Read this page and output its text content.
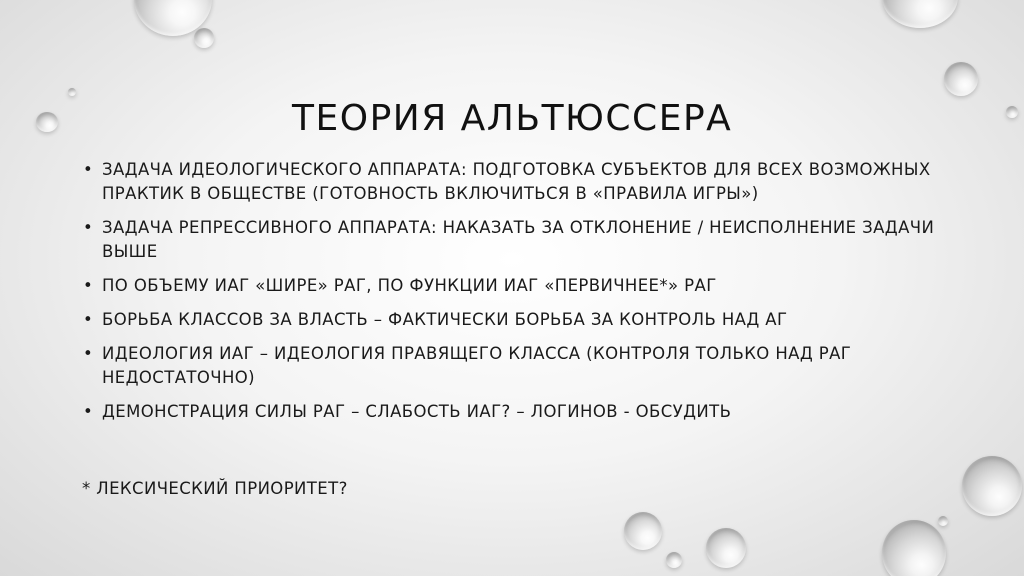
ТЕОРИЯ АЛЬТЮССЕРА
• ЗАДАЧА ИДЕОЛОГИЧЕСКОГО АППАРАТА: ПОДГОТОВКА СУБЪЕКТОВ ДЛЯ ВСЕХ ВОЗМОЖНЫХ ПРАКТИК В ОБЩЕСТВЕ (ГОТОВНОСТЬ ВКЛЮЧИТЬСЯ В «ПРАВИЛА ИГРЫ»)
• ЗАДАЧА РЕПРЕССИВНОГО АППАРАТА: НАКАЗАТЬ ЗА ОТКЛОНЕНИЕ / НЕИСПОЛНЕНИЕ ЗАДАЧИ ВЫШЕ
• ПО ОБЪЕМУ ИАГ «ШИРЕ» РАГ, ПО ФУНКЦИИ ИАГ «ПЕРВИЧНЕЕ*» РАГ
• БОРЬБА КЛАССОВ ЗА ВЛАСТЬ – ФАКТИЧЕСКИ БОРЬБА ЗА КОНТРОЛЬ НАД АГ
• ИДЕОЛОГИЯ ИАГ – ИДЕОЛОГИЯ ПРАВЯЩЕГО КЛАССА (КОНТРОЛЯ ТОЛЬКО НАД РАГ НЕДОСТАТОЧНО)
• ДЕМОНСТРАЦИЯ СИЛЫ РАГ – СЛАБОСТЬ ИАГ? – ЛОГИНОВ - ОБСУДИТЬ

* ЛЕКСИЧЕСКИЙ ПРИОРИТЕТ?
